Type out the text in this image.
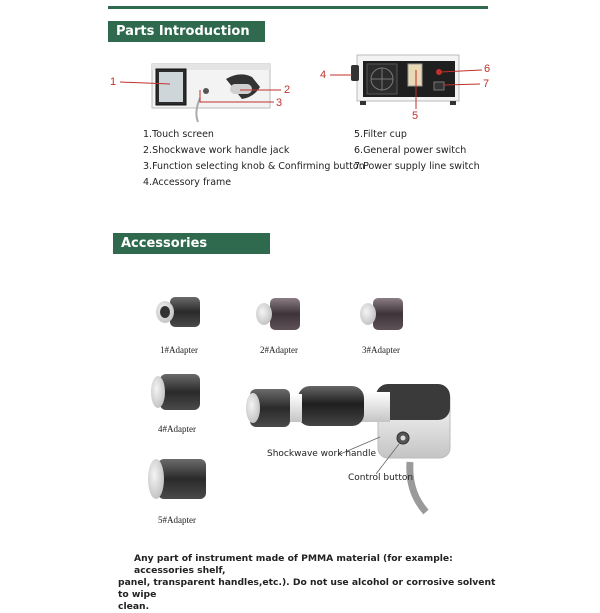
Parts Introduction
1
2
3
4
5
6
7
1.Touch screen
2.Shockwave work handle jack
3.Function selecting knob & Confirming button
4.Accessory frame
5.Filter cup
6.General power switch
7.Power supply line switch
Accessories
1#Adapter	2#Adapter	3#Adapter
4#Adapter
5#Adapter
Shockwave work handle
Control button
Any part of instrument made of PMMA material (for example: accessories shelf,
panel, transparent handles,etc.). Do not use alcohol or corrosive solvent to wipe
clean.
